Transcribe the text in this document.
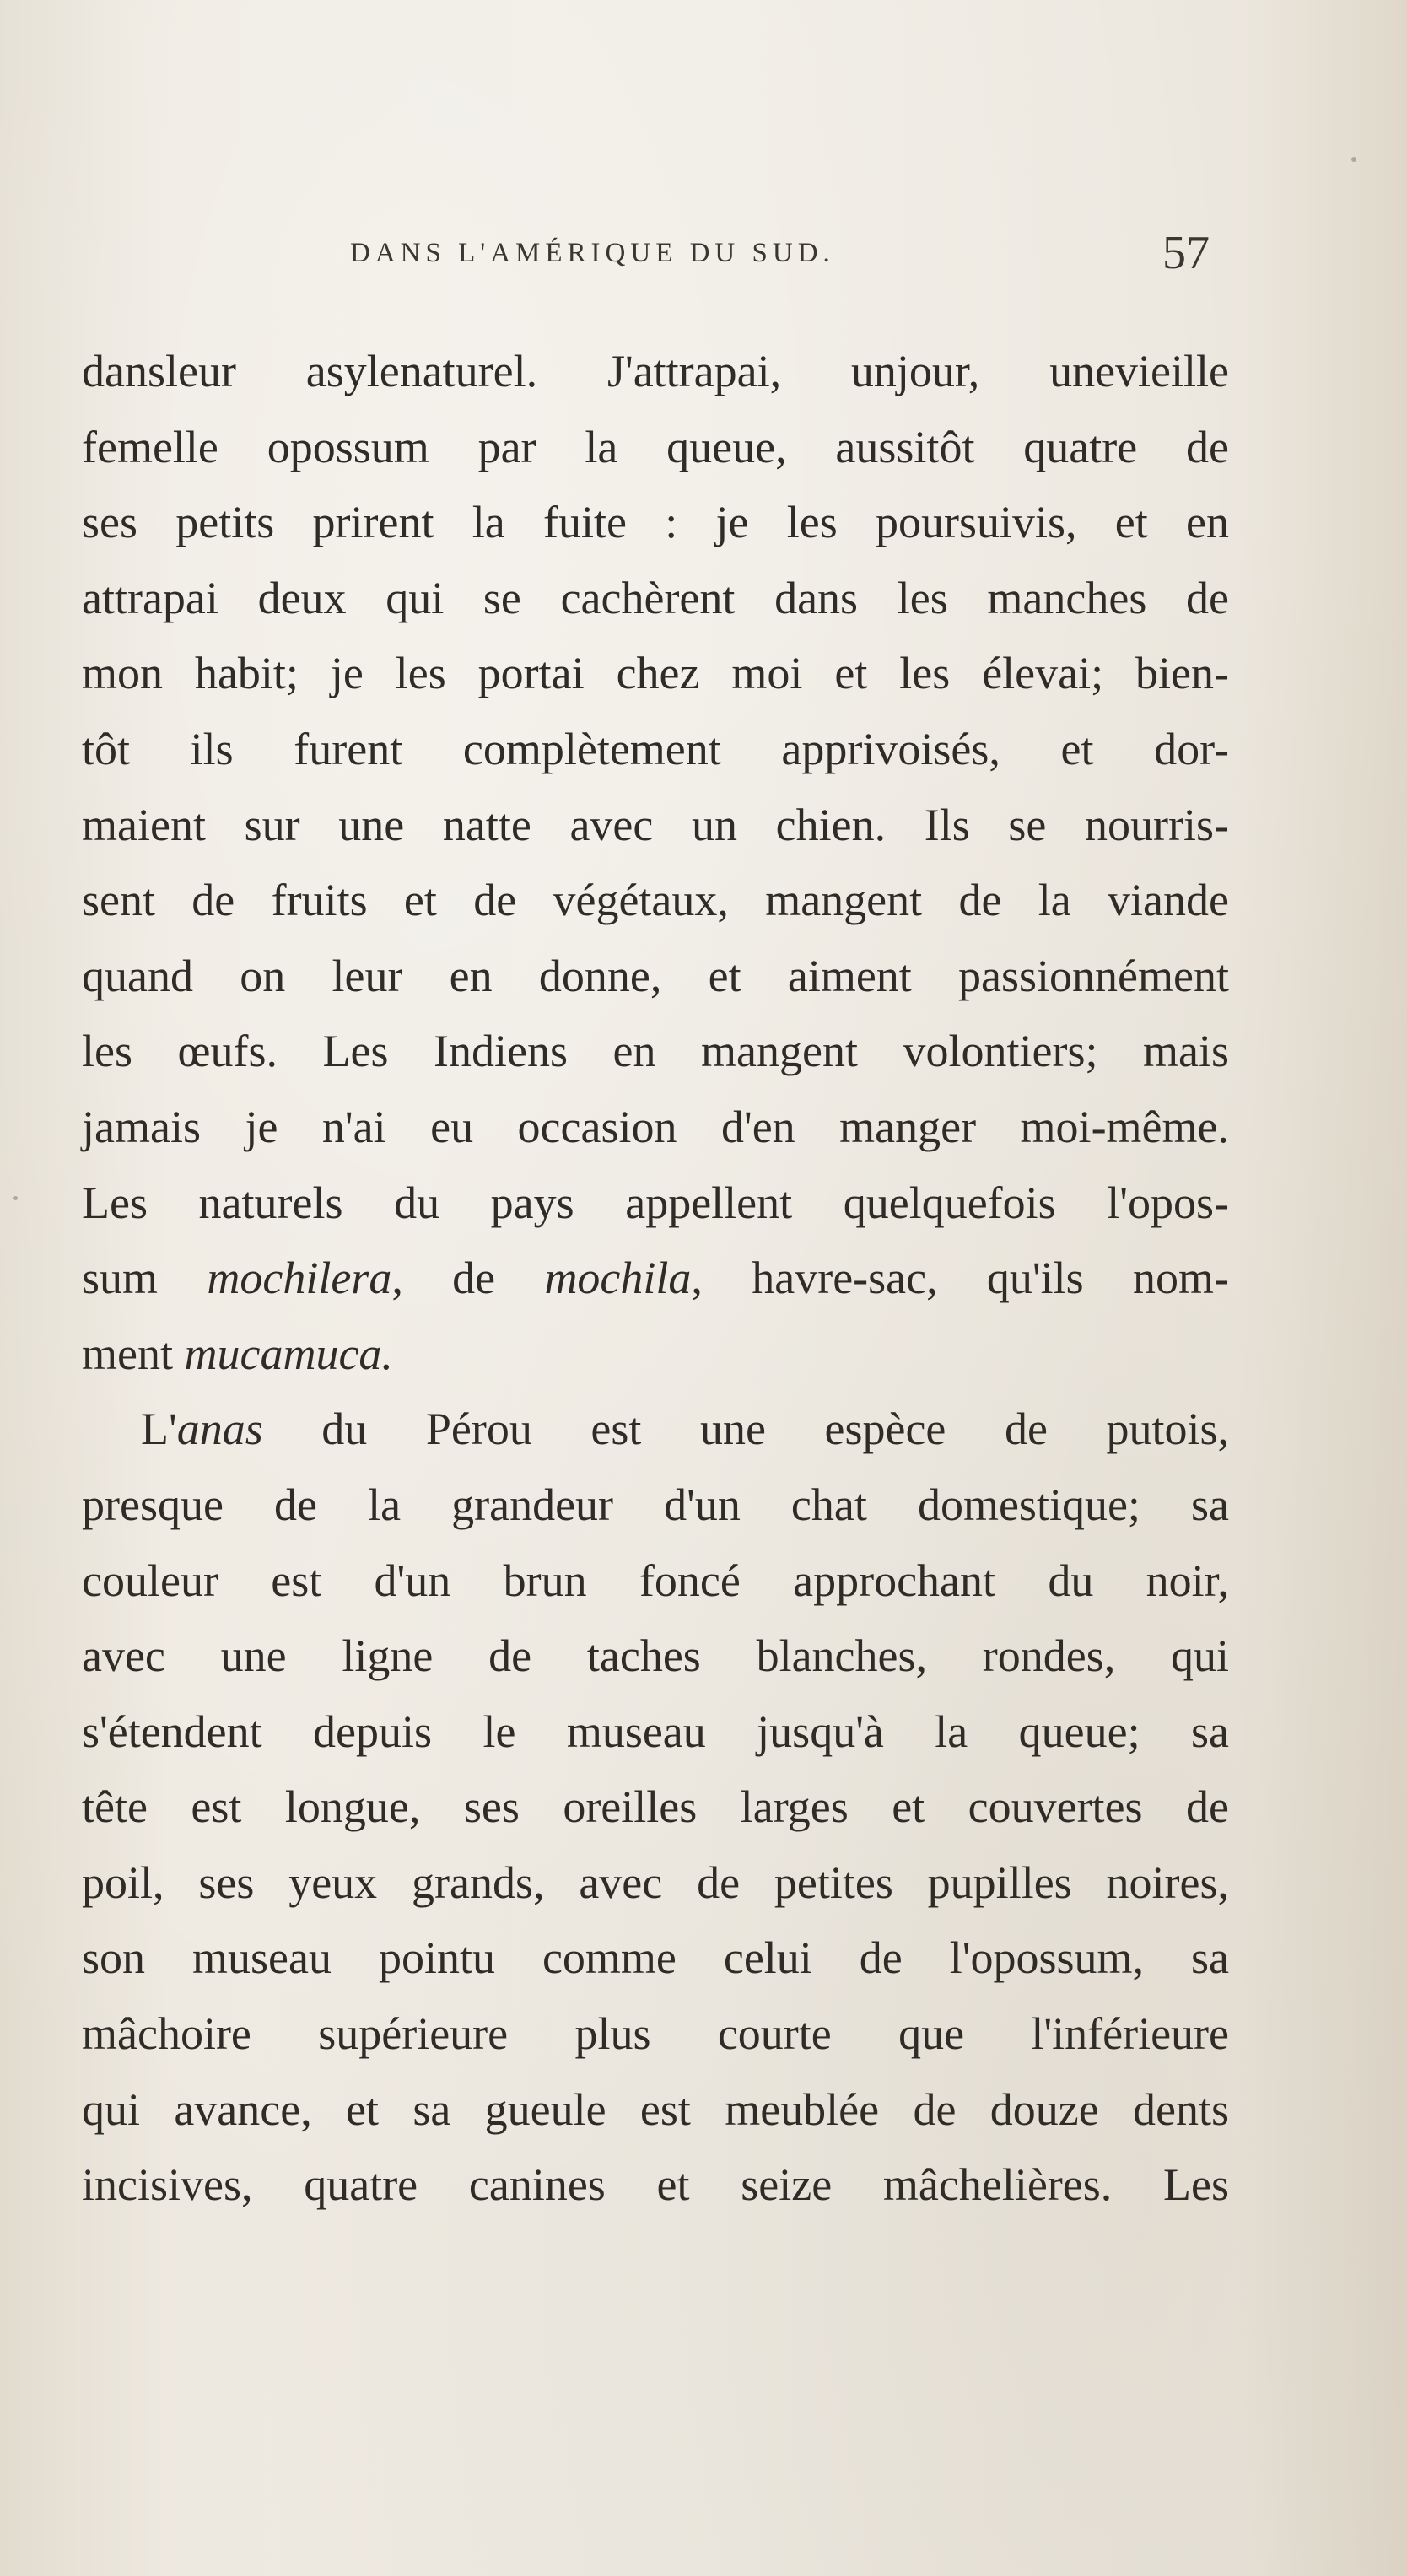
DANS L'AMÉRIQUE DU SUD.	57
dansleur asylenaturel. J'attrapai, unjour, unevieille
femelle opossum par la queue, aussitôt quatre de
ses petits prirent la fuite : je les poursuivis, et en
attrapai deux qui se cachèrent dans les manches de
mon habit; je les portai chez moi et les élevai; bien-
tôt ils furent complètement apprivoisés, et dor-
maient sur une natte avec un chien. Ils se nourris-
sent de fruits et de végétaux, mangent de la viande
quand on leur en donne, et aiment passionnément
les œufs. Les Indiens en mangent volontiers; mais
jamais je n'ai eu occasion d'en manger moi-même.
Les naturels du pays appellent quelquefois l'opos-
sum mochilera, de mochila, havre-sac, qu'ils nom-
ment mucamuca.
L'anas du Pérou est une espèce de putois,
presque de la grandeur d'un chat domestique; sa
couleur est d'un brun foncé approchant du noir,
avec une ligne de taches blanches, rondes, qui
s'étendent depuis le museau jusqu'à la queue; sa
tête est longue, ses oreilles larges et couvertes de
poil, ses yeux grands, avec de petites pupilles noires,
son museau pointu comme celui de l'opossum, sa
mâchoire supérieure plus courte que l'inférieure
qui avance, et sa gueule est meublée de douze dents
incisives, quatre canines et seize mâchelières. Les
